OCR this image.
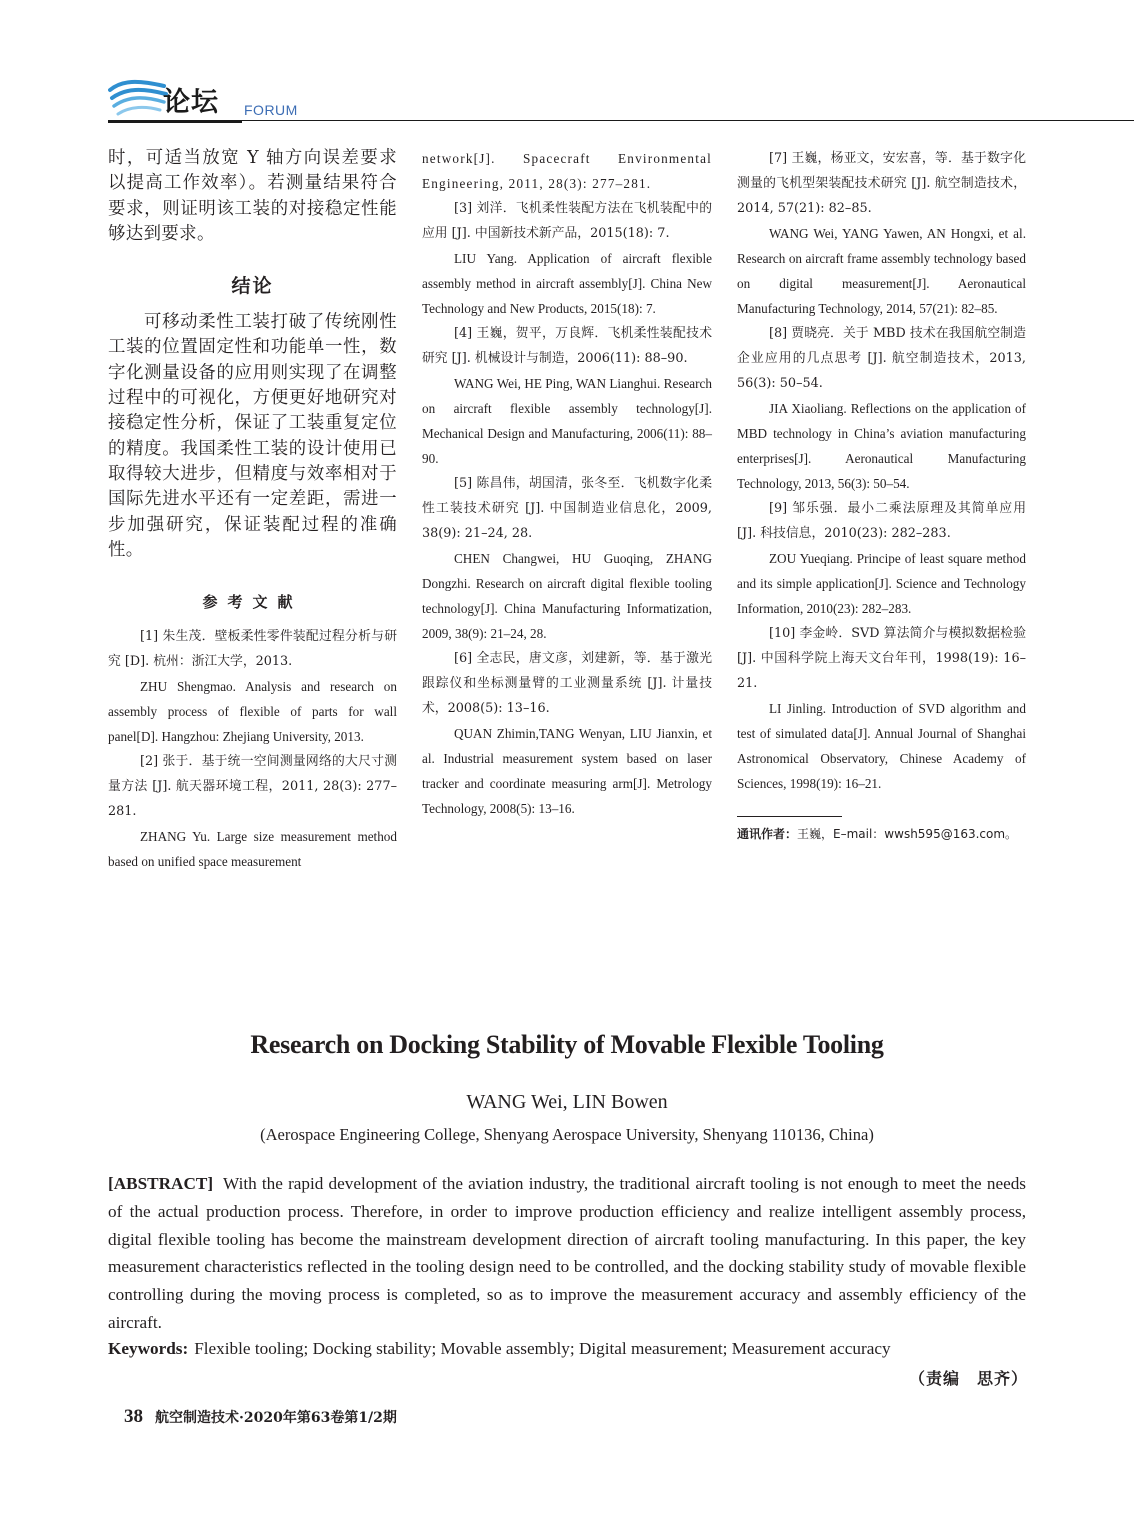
论坛 FORUM

时，可适当放宽 Y 轴方向误差要求以提高工作效率）。若测量结果符合要求，则证明该工装的对接稳定性能够达到要求。

结论

可移动柔性工装打破了传统刚性工装的位置固定性和功能单一性，数字化测量设备的应用则实现了在调整过程中的可视化，方便更好地研究对接稳定性分析，保证了工装重复定位的精度。我国柔性工装的设计使用已取得较大进步，但精度与效率相对于国际先进水平还有一定差距，需进一步加强研究，保证装配过程的准确性。

参考文献

[1] 朱生茂．壁板柔性零件装配过程分析与研究 [D]. 杭州：浙江大学，2013.

ZHU Shengmao. Analysis and research on assembly process of flexible of parts for wall panel[D]. Hangzhou: Zhejiang University, 2013.

[2] 张于．基于统一空间测量网络的大尺寸测量方法 [J]. 航天器环境工程，2011, 28(3): 277–281.

ZHANG Yu. Large size measurement method based on unified space measurement

network[J]. Spacecraft Environmental Engineering, 2011, 28(3): 277–281.

[3] 刘洋．飞机柔性装配方法在飞机装配中的应用 [J]. 中国新技术新产品，2015(18): 7.

LIU Yang. Application of aircraft flexible assembly method in aircraft assembly[J]. China New Technology and New Products, 2015(18): 7.

[4] 王巍，贺平，万良辉．飞机柔性装配技术研究 [J]. 机械设计与制造，2006(11): 88–90.

WANG Wei, HE Ping, WAN Lianghui. Research on aircraft flexible assembly technology[J]. Mechanical Design and Manufacturing, 2006(11): 88–90.

[5] 陈昌伟，胡国清，张冬至．飞机数字化柔性工装技术研究 [J]. 中国制造业信息化，2009, 38(9): 21–24, 28.

CHEN Changwei, HU Guoqing, ZHANG Dongzhi. Research on aircraft digital flexible tooling technology[J]. China Manufacturing Informatization, 2009, 38(9): 21–24, 28.

[6] 全志民，唐文彦，刘建新，等．基于激光跟踪仪和坐标测量臂的工业测量系统 [J]. 计量技术，2008(5): 13–16.

QUAN Zhimin,TANG Wenyan, LIU Jianxin, et al. Industrial measurement system based on laser tracker and coordinate measuring arm[J]. Metrology Technology, 2008(5): 13–16.

[7] 王巍，杨亚文，安宏喜，等．基于数字化测量的飞机型架装配技术研究 [J]. 航空制造技术，2014, 57(21): 82–85.

WANG Wei, YANG Yawen, AN Hongxi, et al. Research on aircraft frame assembly technology based on digital measurement[J]. Aeronautical Manufacturing Technology, 2014, 57(21): 82–85.

[8] 贾晓亮．关于 MBD 技术在我国航空制造企业应用的几点思考 [J]. 航空制造技术，2013, 56(3): 50–54.

JIA Xiaoliang. Reflections on the application of MBD technology in China’s aviation manufacturing enterprises[J]. Aeronautical Manufacturing Technology, 2013, 56(3): 50–54.

[9] 邹乐强．最小二乘法原理及其简单应用 [J]. 科技信息，2010(23): 282–283.

ZOU Yueqiang. Principe of least square method and its simple application[J]. Science and Technology Information, 2010(23): 282–283.

[10] 李金岭．SVD 算法简介与模拟数据检验 [J]. 中国科学院上海天文台年刊，1998(19): 16–21.

LI Jinling. Introduction of SVD algorithm and test of simulated data[J]. Annual Journal of Shanghai Astronomical Observatory, Chinese Academy of Sciences, 1998(19): 16–21.

通讯作者：王巍，E–mail：wwsh595@163.com。

Research on Docking Stability of Movable Flexible Tooling
WANG Wei, LIN Bowen
(Aerospace Engineering College, Shenyang Aerospace University, Shenyang 110136, China)

[ABSTRACT] With the rapid development of the aviation industry, the traditional aircraft tooling is not enough to meet the needs of the actual production process. Therefore, in order to improve production efficiency and realize intelligent assembly process, digital flexible tooling has become the mainstream development direction of aircraft tooling manufacturing. In this paper, the key measurement characteristics reflected in the tooling design need to be controlled, and the docking stability study of movable flexible controlling during the moving process is completed, so as to improve the measurement accuracy and assembly efficiency of the aircraft.

Keywords: Flexible tooling; Docking stability; Movable assembly; Digital measurement; Measurement accuracy

（责编　思齐）
38 航空制造技术·2020年第63卷第1/2期
